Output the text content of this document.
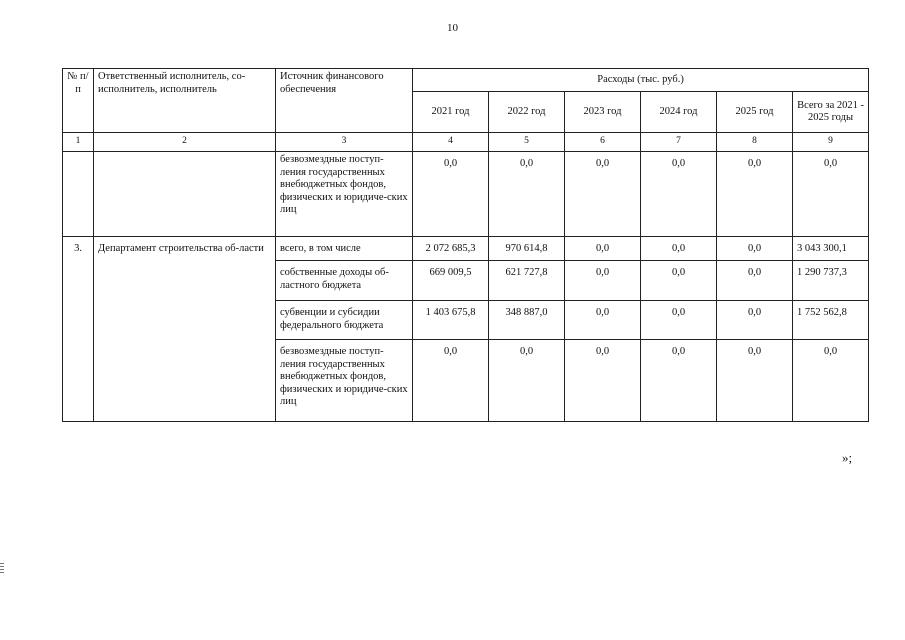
10
№ п/п	Ответственный исполнитель, со-исполнитель, исполнитель	Источник финансового обеспечения	Расходы (тыс. руб.)					
			2021 год	2022 год	2023 год	2024 год	2025 год	Всего за 2021 - 2025 годы
1	2	3	4	5	6	7	8	9
		безвозмездные поступ-ления государственных внебюджетных фондов, физических и юридиче-ских лиц	0,0	0,0	0,0	0,0	0,0	0,0
3.	Департамент строительства об-ласти	всего, в том числе	2 072 685,3	970 614,8	0,0	0,0	0,0	3 043 300,1
		собственные доходы об-ластного бюджета	669 009,5	621 727,8	0,0	0,0	0,0	1 290 737,3
		субвенции и субсидии федерального бюджета	1 403 675,8	348 887,0	0,0	0,0	0,0	1 752 562,8
		безвозмездные поступ-ления государственных внебюджетных фондов, физических и юридиче-ских лиц	0,0	0,0	0,0	0,0	0,0	0,0
»;
